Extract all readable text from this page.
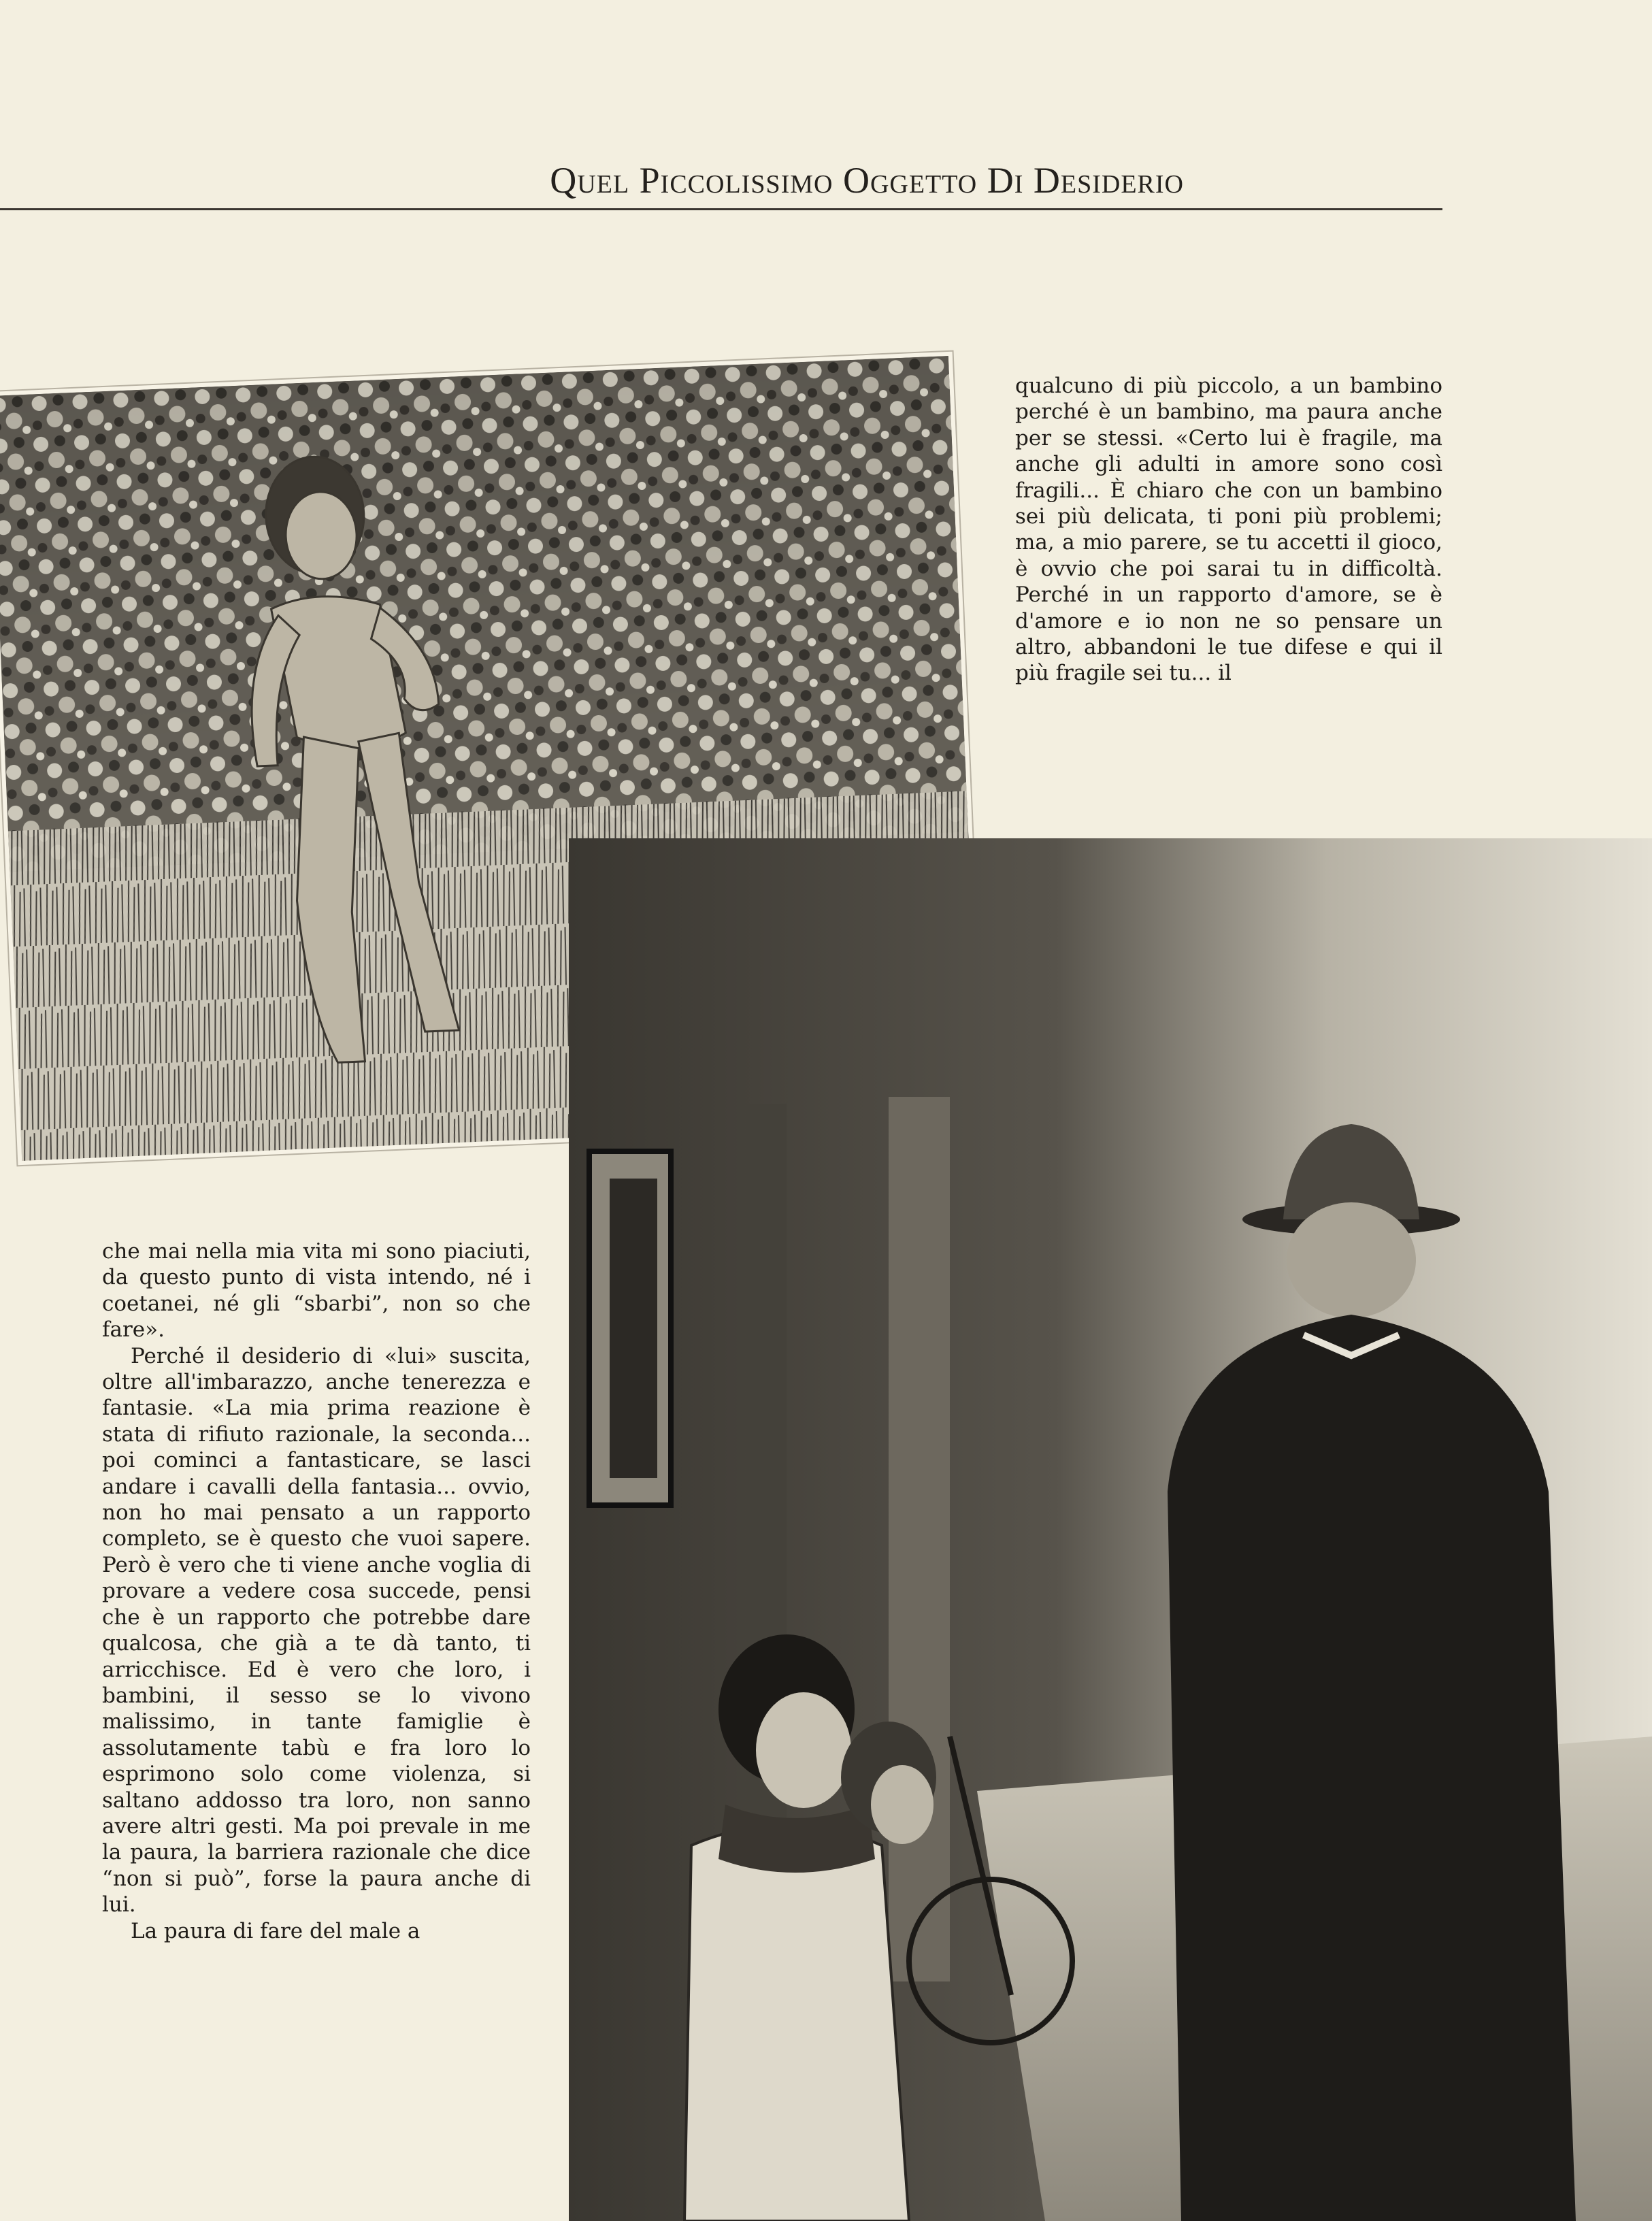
Quel Piccolissimo Oggetto Di Desiderio

qualcuno di più piccolo, a un bambino perché è un bambino, ma paura anche per se stessi. «Certo lui è fragile, ma anche gli adulti in amore sono così fragili... È chiaro che con un bambino sei più delicata, ti poni più problemi; ma, a mio parere, se tu accetti il gioco, è ovvio che poi sarai tu in difficoltà. Perché in un rapporto d'amore, se è d'amore e io non ne so pensare un altro, abbandoni le tue difese e qui il più fragile sei tu... il

che mai nella mia vita mi sono piaciuti, da questo punto di vista intendo, né i coetanei, né gli “sbarbi”, non so che fare».

Perché il desiderio di «lui» suscita, oltre all'imbarazzo, anche tenerezza e fantasie. «La mia prima reazione è stata di rifiuto razionale, la seconda... poi cominci a fantasticare, se lasci andare i cavalli della fantasia... ovvio, non ho mai pensato a un rapporto completo, se è questo che vuoi sapere. Però è vero che ti viene anche voglia di provare a vedere cosa succede, pensi che è un rapporto che potrebbe dare qualcosa, che già a te dà tanto, ti arricchisce. Ed è vero che loro, i bambini, il sesso se lo vivono malissimo, in tante famiglie è assolutamente tabù e fra loro lo esprimono solo come violenza, si saltano addosso tra loro, non sanno avere altri gesti. Ma poi prevale in me la paura, la barriera razionale che dice “non si può”, forse la paura anche di lui.

La paura di fare del male a
